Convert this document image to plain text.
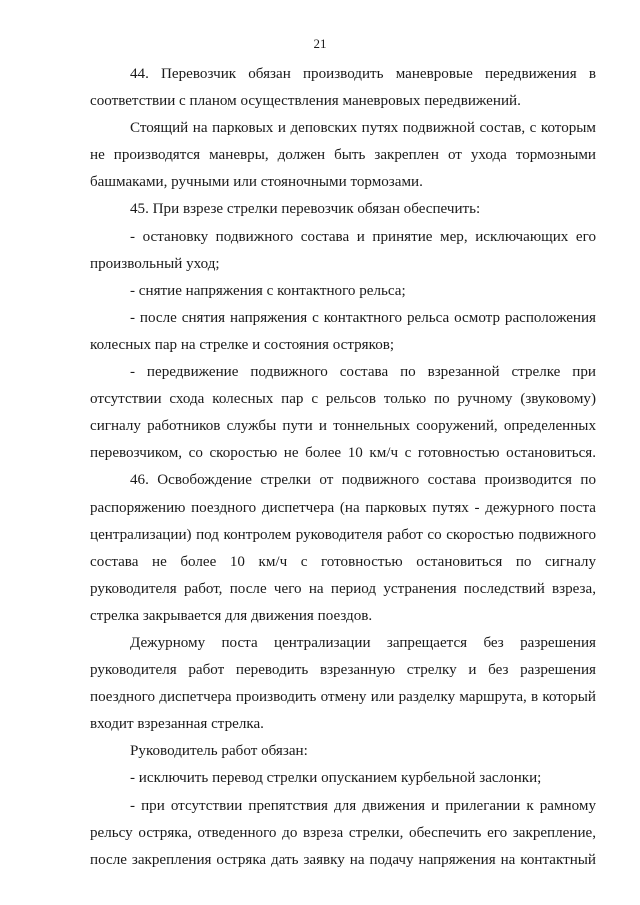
21

44. Перевозчик обязан производить маневровые передвижения в соответствии с планом осуществления маневровых передвижений.

Стоящий на парковых и деповских путях подвижной состав, с которым не производятся маневры, должен быть закреплен от ухода тормозными башмаками, ручными или стояночными тормозами.

45. При взрезе стрелки перевозчик обязан обеспечить:

- остановку подвижного состава и принятие мер, исключающих его произвольный уход;

- снятие напряжения с контактного рельса;

- после снятия напряжения с контактного рельса осмотр расположения колесных пар на стрелке и состояния остряков;

- передвижение подвижного состава по взрезанной стрелке при отсутствии схода колесных пар с рельсов только по ручному (звуковому) сигналу работников службы пути и тоннельных сооружений, определенных перевозчиком, со скоростью не более 10 км/ч с готовностью остановиться.

46. Освобождение стрелки от подвижного состава производится по распоряжению поездного диспетчера (на парковых путях - дежурного поста централизации) под контролем руководителя работ со скоростью подвижного состава не более 10 км/ч с готовностью остановиться по сигналу руководителя работ, после чего на период устранения последствий взреза, стрелка закрывается для движения поездов.

Дежурному поста централизации запрещается без разрешения руководителя работ переводить взрезанную стрелку и без разрешения поездного диспетчера производить отмену или разделку маршрута, в который входит взрезанная стрелка.

Руководитель работ обязан:

- исключить перевод стрелки опусканием курбельной заслонки;

- при отсутствии препятствия для движения и прилегании к рамному рельсу остряка, отведенного до взреза стрелки, обеспечить его закрепление, после закрепления остряка дать заявку на подачу напряжения на контактный
